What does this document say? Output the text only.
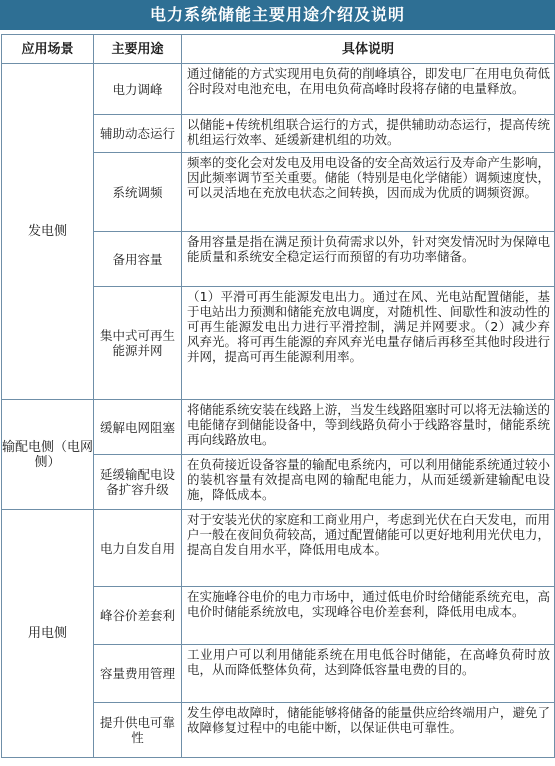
电力系统储能主要用途介绍及说明
应用场景	主要用途	具体说明
发电侧	电力调峰	通过储能的方式实现用电负荷的削峰填谷，即发电厂在用电负荷低谷时段对电池充电，在用电负荷高峰时段将存储的电量释放。
	辅助动态运行	以储能+传统机组联合运行的方式，提供辅助动态运行，提高传统机组运行效率、延缓新建机组的功效。
	系统调频	频率的变化会对发电及用电设备的安全高效运行及寿命产生影响，因此频率调节至关重要。储能（特别是电化学储能）调频速度快，可以灵活地在充放电状态之间转换，因而成为优质的调频资源。
	备用容量	备用容量是指在满足预计负荷需求以外，针对突发情况时为保障电能质量和系统安全稳定运行而预留的有功功率储备。
	集中式可再生能源并网	（1）平滑可再生能源发电出力。通过在风、光电站配置储能，基于电站出力预测和储能充放电调度，对随机性、间歇性和波动性的可再生能源发电出力进行平滑控制，满足并网要求。（2）减少弃风弃光。将可再生能源的弃风弃光电量存储后再移至其他时段进行并网，提高可再生能源利用率。
输配电侧（电网侧）	缓解电网阻塞	将储能系统安装在线路上游，当发生线路阻塞时可以将无法输送的电能储存到储能设备中，等到线路负荷小于线路容量时，储能系统再向线路放电。
	延缓输配电设备扩容升级	在负荷接近设备容量的输配电系统内，可以利用储能系统通过较小的装机容量有效提高电网的输配电能力，从而延缓新建输配电设施，降低成本。
用电侧	电力自发自用	对于安装光伏的家庭和工商业用户，考虑到光伏在白天发电，而用户一般在夜间负荷较高，通过配置储能可以更好地利用光伏电力，提高自发自用水平，降低用电成本。
	峰谷价差套利	在实施峰谷电价的电力市场中，通过低电价时给储能系统充电，高电价时储能系统放电，实现峰谷电价差套利，降低用电成本。
	容量费用管理	工业用户可以利用储能系统在用电低谷时储能，在高峰负荷时放电，从而降低整体负荷，达到降低容量电费的目的。
	提升供电可靠性	发生停电故障时，储能能够将储备的能量供应给终端用户，避免了故障修复过程中的电能中断，以保证供电可靠性。
